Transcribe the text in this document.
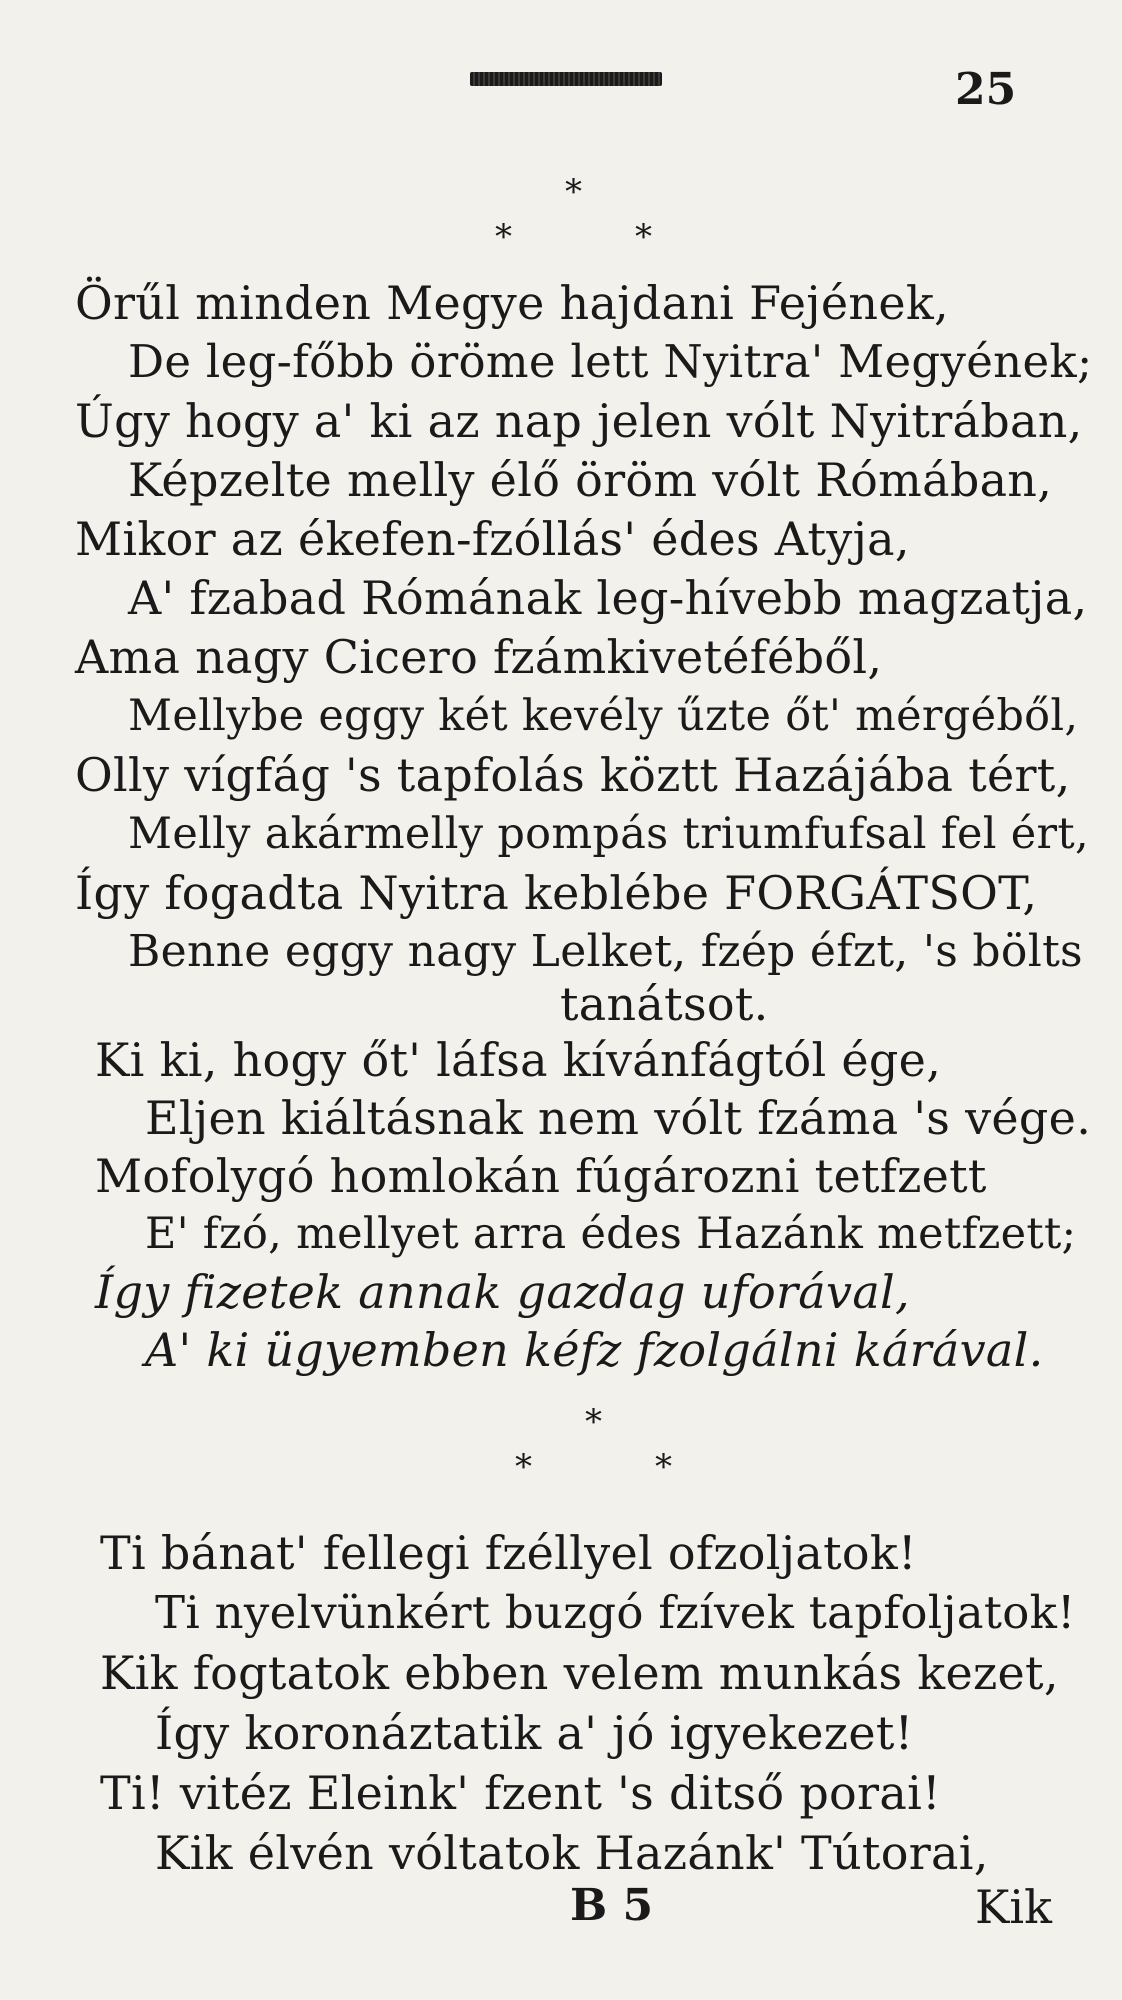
25
*
*	*
Örűl minden Megye hajdani Fejének,
De leg-főbb öröme lett Nyitra' Megyének;
Úgy hogy a' ki az nap jelen vólt Nyitrában,
Képzelte melly élő öröm vólt Rómában,
Mikor az ékefen-fzóllás' édes Atyja,
A' fzabad Rómának leg-hívebb magzatja,
Ama nagy Cicero fzámkivetéféből,
Mellybe eggy két kevély űzte őt' mérgéből,
Olly vígfág 's tapfolás köztt Hazájába tért,
Melly akármelly pompás triumfufsal fel ért,
Így fogadta Nyitra keblébe FORGÁTSOT,
Benne eggy nagy Lelket, fzép éfzt, 's bölts
tanátsot.
Ki ki, hogy őt' láfsa kívánfágtól ége,
Eljen kiáltásnak nem vólt fzáma 's vége.
Mofolygó homlokán fúgározni tetfzett
E' fzó, mellyet arra édes Hazánk metfzett;
Így fizetek annak gazdag uforával,
A' ki ügyemben kéfz fzolgálni kárával.
*
*	*
Ti bánat' fellegi fzéllyel ofzoljatok!
Ti nyelvünkért buzgó fzívek tapfoljatok!
Kik fogtatok ebben velem munkás kezet,
Így koronáztatik a' jó igyekezet!
Ti! vitéz Eleink' fzent 's ditső porai!
Kik élvén vóltatok Hazánk' Tútorai,
B 5	Kik
